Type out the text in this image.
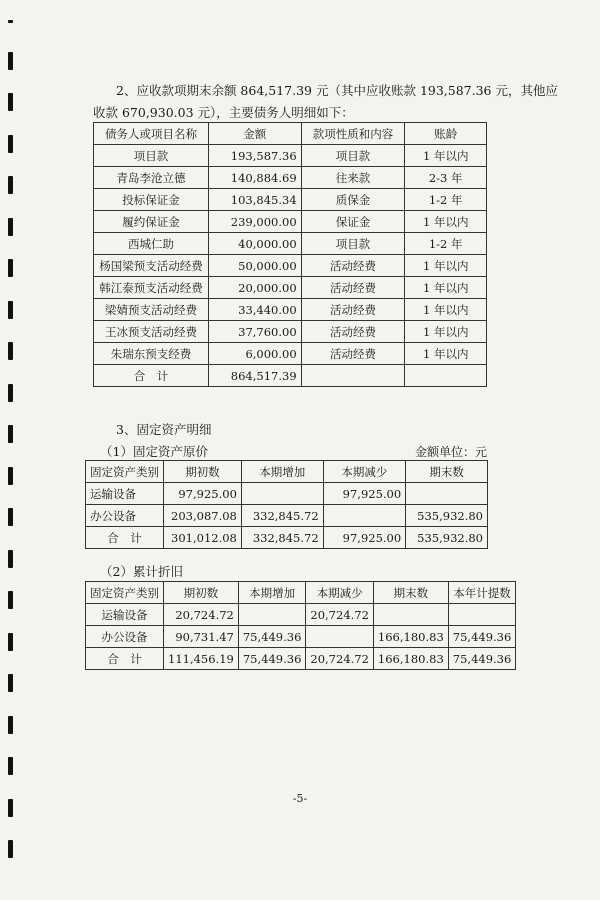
2、应收款项期末余额 864,517.39 元（其中应收账款 193,587.36 元，其他应
收款 670,930.03 元），主要债务人明细如下：
债务人或项目名称	金额	款项性质和内容	账龄
项目款	193,587.36	项目款	1 年以内
青岛李沧立德	140,884.69	往来款	2-3 年
投标保证金	103,845.34	质保金	1-2 年
履约保证金	239,000.00	保证金	1 年以内
西城仁助	40,000.00	项目款	1-2 年
杨国梁预支活动经费	50,000.00	活动经费	1 年以内
韩江泰预支活动经费	20,000.00	活动经费	1 年以内
梁婧预支活动经费	33,440.00	活动经费	1 年以内
王冰预支活动经费	37,760.00	活动经费	1 年以内
朱瑞东预支经费	6,000.00	活动经费	1 年以内
合　计	864,517.39		
3、固定资产明细
（1）固定资产原价	金额单位：元
固定资产类别	期初数	本期增加	本期减少	期末数
运输设备	97,925.00		97,925.00	
办公设备	203,087.08	332,845.72		535,932.80
合　计	301,012.08	332,845.72	97,925.00	535,932.80
（2）累计折旧
固定资产类别	期初数	本期增加	本期减少	期末数	本年计提数
运输设备	20,724.72		20,724.72		
办公设备	90,731.47	75,449.36		166,180.83	75,449.36
合　计	111,456.19	75,449.36	20,724.72	166,180.83	75,449.36
-5-
